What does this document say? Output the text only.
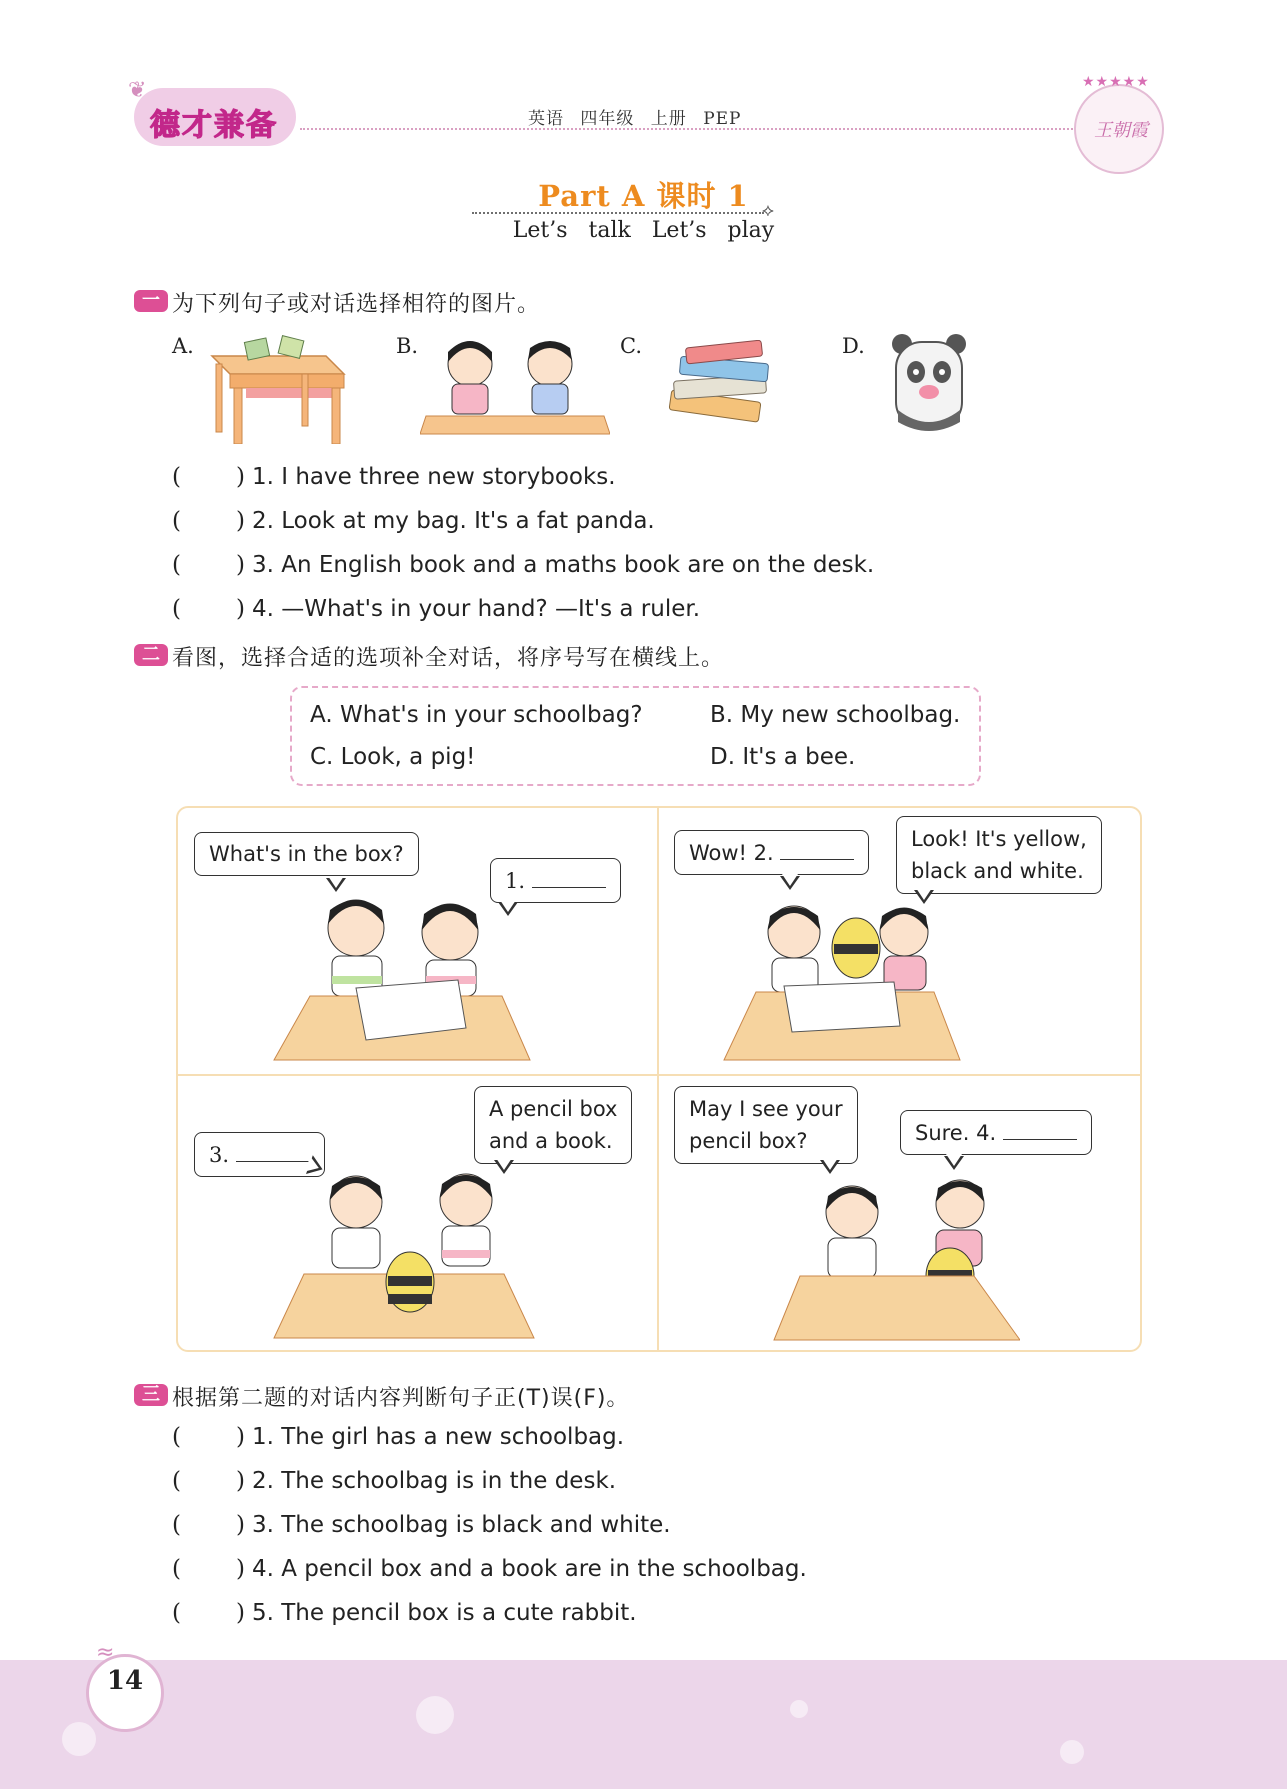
❦
德才兼备	英语 四年级 上册 PEP
★★★★★
王朝霞
Part A 课时 1 ⟡
Let’s talk Let’s play
一 为下列句子或对话选择相符的图片。
A.	B.	C.	D.
( ) 1. I have three new storybooks.
( ) 2. Look at my bag. It's a fat panda.
( ) 3. An English book and a maths book are on the desk.
( ) 4. —What's in your hand? —It's a ruler.
二 看图，选择合适的选项补全对话，将序号写在横线上。
A. What's in your schoolbag?	B. My new schoolbag.
C. Look, a pig!	D. It's a bee.
What's in the box?
1.
Wow! 2.
Look! It's yellow,
black and white.
3.
A pencil box
and a book.
May I see your
pencil box?	Sure. 4.
三 根据第二题的对话内容判断句子正(T)误(F)。
( ) 1. The girl has a new schoolbag.
( ) 2. The schoolbag is in the desk.
( ) 3. The schoolbag is black and white.
( ) 4. A pencil box and a book are in the schoolbag.
( ) 5. The pencil box is a cute rabbit.
≈
14
